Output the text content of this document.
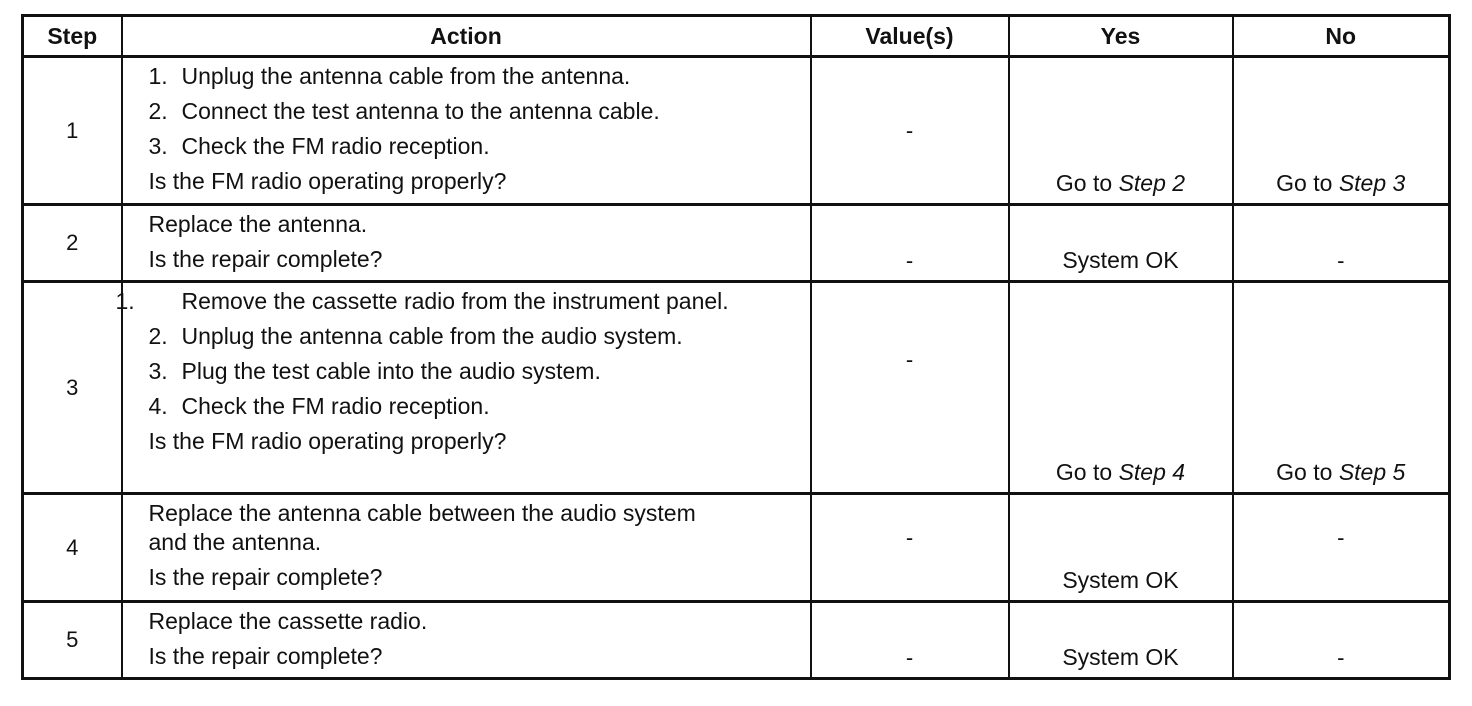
Step	Action	Value(s)	Yes	No
1	1. Unplug the antenna cable from the antenna.
2. Connect the test antenna to the antenna cable.
3. Check the FM radio reception.
Is the FM radio operating properly?	-	Go to Step 2	Go to Step 3

2	Replace the antenna.
Is the repair complete?	-	System OK	-

3	1. Remove the cassette radio from the instrument panel.
2. Unplug the antenna cable from the audio system.
3. Plug the test cable into the audio system.
4. Check the FM radio reception.
Is the FM radio operating properly?	-	Go to Step 4	Go to Step 5

4	Replace the antenna cable between the audio system and the antenna.
Is the repair complete?	-	System OK	-

5	Replace the cassette radio.
Is the repair complete?	-	System OK	-
